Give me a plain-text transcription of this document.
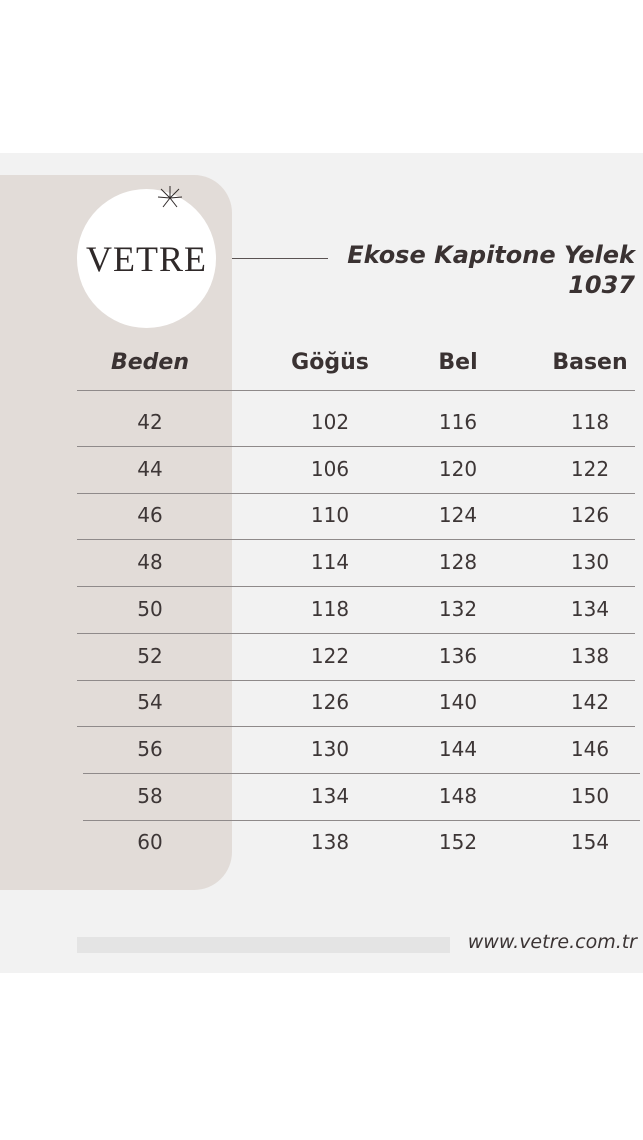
VETRE	Ekose Kapitone Yelek
1037
Beden	Göğüs	Bel	Basen
42	102	116	118
44	106	120	122
46	110	124	126
48	114	128	130
50	118	132	134
52	122	136	138
54	126	140	142
56	130	144	146
58	134	148	150
60	138	152	154
www.vetre.com.tr
